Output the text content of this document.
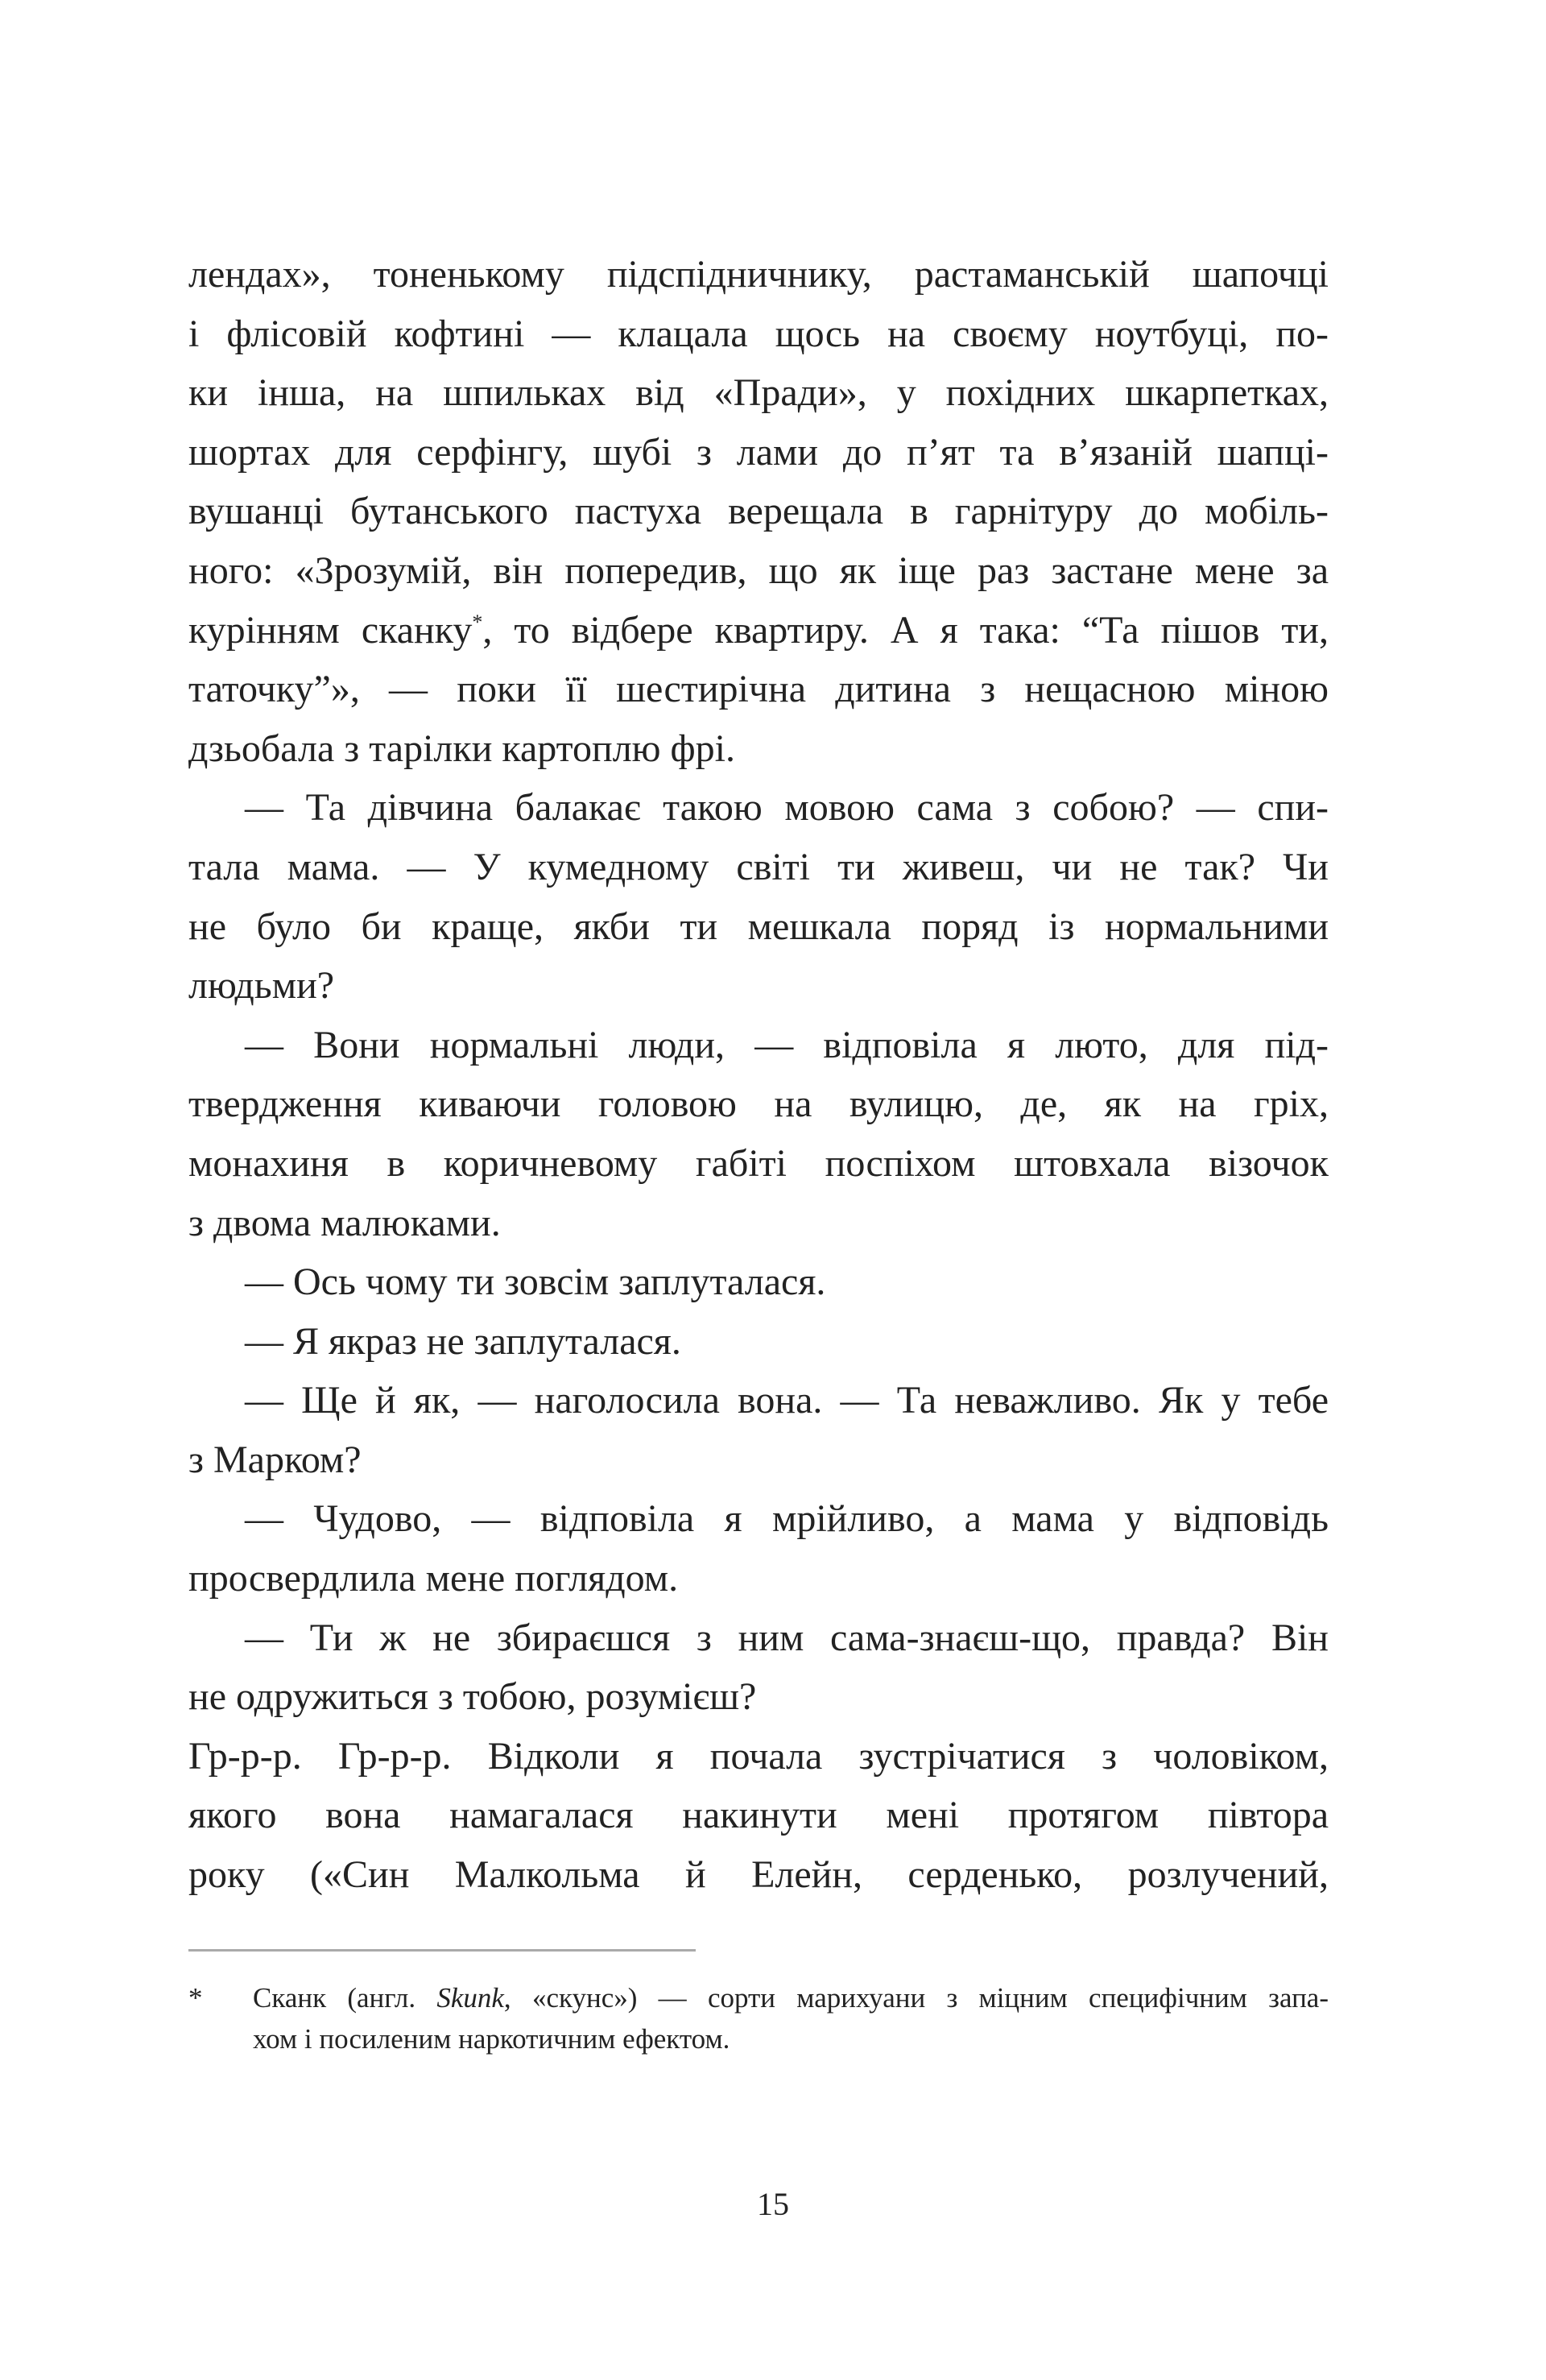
лендах», тоненькому підспідничнику, растаманській шапочці
і флісовій кофтині — клацала щось на своєму ноутбуці, по-
ки інша, на шпильках від «Пради», у похідних шкарпетках,
шортах для серфінгу, шубі з лами до п’ят та в’язаній шапці-
вушанці бутанського пастуха верещала в гарнітуру до мобіль-
ного: «Зрозумій, він попередив, що як іще раз застане мене за
курінням сканку*, то відбере квартиру. А я така: “Та пішов ти,
таточку”», — поки її шестирічна дитина з нещасною міною
дзьобала з тарілки картоплю фрі.
— Та дівчина балакає такою мовою сама з собою? — спи-
тала мама. — У кумедному світі ти живеш, чи не так? Чи
не було би краще, якби ти мешкала поряд із нормальними
людьми?
— Вони нормальні люди, — відповіла я люто, для під-
твердження киваючи головою на вулицю, де, як на гріх,
монахиня в коричневому габіті поспіхом штовхала візочок
з двома малюками.
— Ось чому ти зовсім заплуталася.
— Я якраз не заплуталася.
— Ще й як, — наголосила вона. — Та неважливо. Як у тебе
з Марком?
— Чудово, — відповіла я мрійливо, а мама у відповідь
просвердлила мене поглядом.
— Ти ж не збираєшся з ним сама-знаєш-що, правда? Він
не одружиться з тобою, розумієш?
Гр-р-р. Гр-р-р. Відколи я почала зустрічатися з чоловіком,
якого вона намагалася накинути мені протягом півтора
року («Син Малкольма й Елейн, серденько, розлучений,
* Сканк (англ. Skunk, «скунс») — сорти марихуани з міцним специфічним запа-
хом і посиленим наркотичним ефектом.
15
